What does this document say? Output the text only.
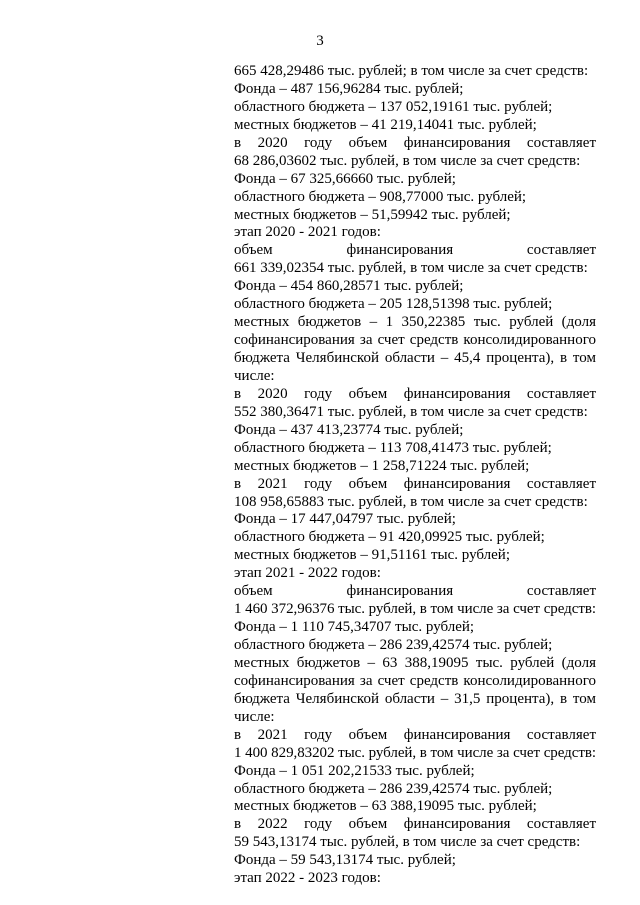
3
665 428,29486 тыс. рублей; в том числе за счет средств:
Фонда – 487 156,96284 тыс. рублей;
областного бюджета – 137 052,19161 тыс. рублей;
местных бюджетов – 41 219,14041 тыс. рублей;
в 2020 году объем финансирования составляет
68 286,03602 тыс. рублей, в том числе за счет средств:
Фонда – 67 325,66660 тыс. рублей;
областного бюджета – 908,77000 тыс. рублей;
местных бюджетов – 51,59942 тыс. рублей;
этап 2020 - 2021 годов:
объем финансирования составляет
661 339,02354 тыс. рублей, в том числе за счет средств:
Фонда – 454 860,28571 тыс. рублей;
областного бюджета – 205 128,51398 тыс. рублей;
местных бюджетов – 1 350,22385 тыс. рублей (доля
софинансирования за счет средств консолидированного
бюджета Челябинской области – 45,4 процента), в том
числе:
в 2020 году объем финансирования составляет
552 380,36471 тыс. рублей, в том числе за счет средств:
Фонда – 437 413,23774 тыс. рублей;
областного бюджета – 113 708,41473 тыс. рублей;
местных бюджетов – 1 258,71224 тыс. рублей;
в 2021 году объем финансирования составляет
108 958,65883 тыс. рублей, в том числе за счет средств:
Фонда – 17 447,04797 тыс. рублей;
областного бюджета – 91 420,09925 тыс. рублей;
местных бюджетов – 91,51161 тыс. рублей;
этап 2021 - 2022 годов:
объем финансирования составляет
1 460 372,96376 тыс. рублей, в том числе за счет средств:
Фонда – 1 110 745,34707 тыс. рублей;
областного бюджета – 286 239,42574 тыс. рублей;
местных бюджетов – 63 388,19095 тыс. рублей (доля
софинансирования за счет средств консолидированного
бюджета Челябинской области – 31,5 процента), в том
числе:
в 2021 году объем финансирования составляет
1 400 829,83202 тыс. рублей, в том числе за счет средств:
Фонда – 1 051 202,21533 тыс. рублей;
областного бюджета – 286 239,42574 тыс. рублей;
местных бюджетов – 63 388,19095 тыс. рублей;
в 2022 году объем финансирования составляет
59 543,13174 тыс. рублей, в том числе за счет средств:
Фонда – 59 543,13174 тыс. рублей;
этап 2022 - 2023 годов:
